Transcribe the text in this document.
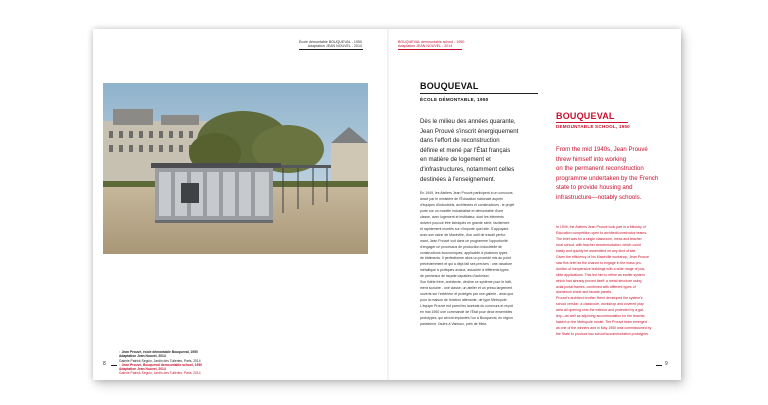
École démontable BOUQUEVAL - 1950
Adaptation JEAN NOUVEL - 2014
BOUQUEVAL demountable school - 1950
Adaptation JEAN NOUVEL - 2014
↑ Jean Prouvé, école démontable Bouqueval, 1950
Adaptation Jean Nouvel, 2014
Galerie Patrick Seguin, Jardin des Tuileries, Paris, 2014
↑ Jean Prouvé, Bouqueval demountable school, 1950
Adaptation Jean Nouvel, 2014
Galerie Patrick Seguin, Jardin des Tuileries, Paris, 2014
8	9
BOUQUEVAL
ÉCOLE DÉMONTABLE, 1950
Dès le milieu des années quarante,
Jean Prouvé s'inscrit énergiquement
dans l'effort de reconstruction
définie et mené par l'État français
en matière de logement et
d'infrastructures, notamment celles
destinées à l'enseignement.
En 1949, les Ateliers Jean Prouvé participent à un concours
lancé par le ministère de l'Éducation nationale auprès
d'équipes d'industriels, architectes et constructeurs : le projet
porte sur un modèle industrialisé et démontable d'une
classe, avec logement et instituteur, dont les éléments
doivent pouvoir être fabriqués en grande série, facilement
et rapidement montés sur n'importe quel site. S'appuyant
avec son usine de Maxéville, d'un outil de travail perfor-
mant, Jean Prouvé voit dans ce programme l'opportunité
d'engager un processus de production industrielle de
constructions économiques, applicable à plusieurs types
de bâtiments. Il perfectionne alors un procédé mis au point
précédemment et qui a déjà fait ses preuves : une ossature
métallique à portiques axiaux, associée à différents types
de panneaux de façade capables d'autoriser.
Son fidèle frère, architecte, décline ce système pour le bâti-
ment scolaire - une classe, un atelier et un préau largement
ouverts sur l'extérieur et protégés par une galerie - ainsi que
pour la maison de fonction attenante, de type Métropole.
L'équipe Prouvé est parmi les lauréats du concours et reçoit
en mai 1950 une commande de l'État pour deux ensembles
prototypes, qui seront implantés l'un à Bouqueval, en région
parisienne, l'autre à Vantoux, près de Metz.
BOUQUEVAL
DEMOUNTABLE SCHOOL, 1950
From the mid 1940s, Jean Prouvé
threw himself into working
on the permanent reconstruction
programme undertaken by the French
state to provide housing and
infrastructure—notably schools.
In 1949, the Ateliers Jean Prouvé took part in a Ministry of
Education competition open to architect/constructor teams.
The brief was for a single classroom, mess and teacher
rural school, with teacher accommodation, which could
easily and quickly be assembled on any kind of site.
Given the efficiency of his Maxéville workshop, Jean Prouvé
saw this brief as the chance to engage in the mass pro-
duction of inexpensive buildings with a wide range of pos-
sible applications. This led him to refine an earlier system
which had already proved itself: a metal structure using
axial portal frames, combined with different types of
aluminium sheet and facade panels.
Prouvé's architect brother Henri developed the system's
school version: a classroom, workshop and covered play
area all opening onto the exterior and protected by a gal-
lery—as well as adjoining accommodation for the teacher,
based on the Métropole model. The Prouvé team emerged
as one of the winners and in May 1950 was commissioned by
the State to produce two school/accommodation prototypes.
